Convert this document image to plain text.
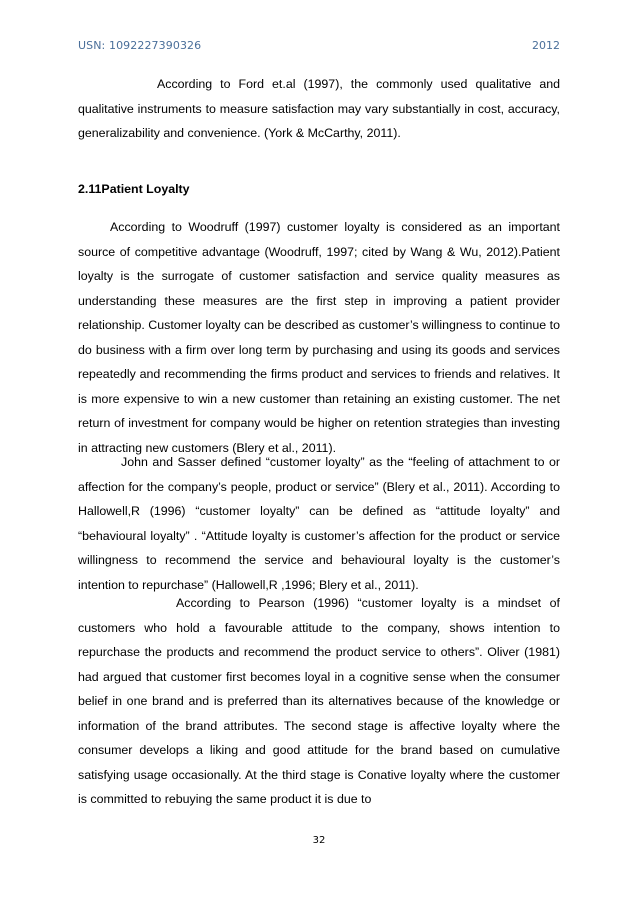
USN: 1092227390326	2012

According to Ford et.al (1997), the commonly used qualitative and qualitative instruments to measure satisfaction may vary substantially in cost, accuracy, generalizability and convenience. (York & McCarthy, 2011).

2.11Patient Loyalty

According to Woodruff (1997) customer loyalty is considered as an important source of competitive advantage (Woodruff, 1997; cited by Wang & Wu, 2012).Patient loyalty is the surrogate of customer satisfaction and service quality measures as understanding these measures are the first step in improving a patient provider relationship. Customer loyalty can be described as customer’s willingness to continue to do business with a firm over long term by purchasing and using its goods and services repeatedly and recommending the firms product and services to friends and relatives. It is more expensive to win a new customer than retaining an existing customer. The net return of investment for company would be higher on retention strategies than investing in attracting new customers (Blery et al., 2011).

John and Sasser defined “customer loyalty” as the “feeling of attachment to or affection for the company’s people, product or service” (Blery et al., 2011). According to Hallowell,R (1996) “customer loyalty” can be defined as “attitude loyalty” and “behavioural loyalty” . “Attitude loyalty is customer’s affection for the product or service willingness to recommend the service and behavioural loyalty is the customer’s intention to repurchase” (Hallowell,R ,1996; Blery et al., 2011).

According to Pearson (1996) “customer loyalty is a mindset of customers who hold a favourable attitude to the company, shows intention to repurchase the products and recommend the product service to others”. Oliver (1981) had argued that customer first becomes loyal in a cognitive sense when the consumer belief in one brand and is preferred than its alternatives because of the knowledge or information of the brand attributes. The second stage is affective loyalty where the consumer develops a liking and good attitude for the brand based on cumulative satisfying usage occasionally. At the third stage is Conative loyalty where the customer is committed to rebuying the same product it is due to

32
